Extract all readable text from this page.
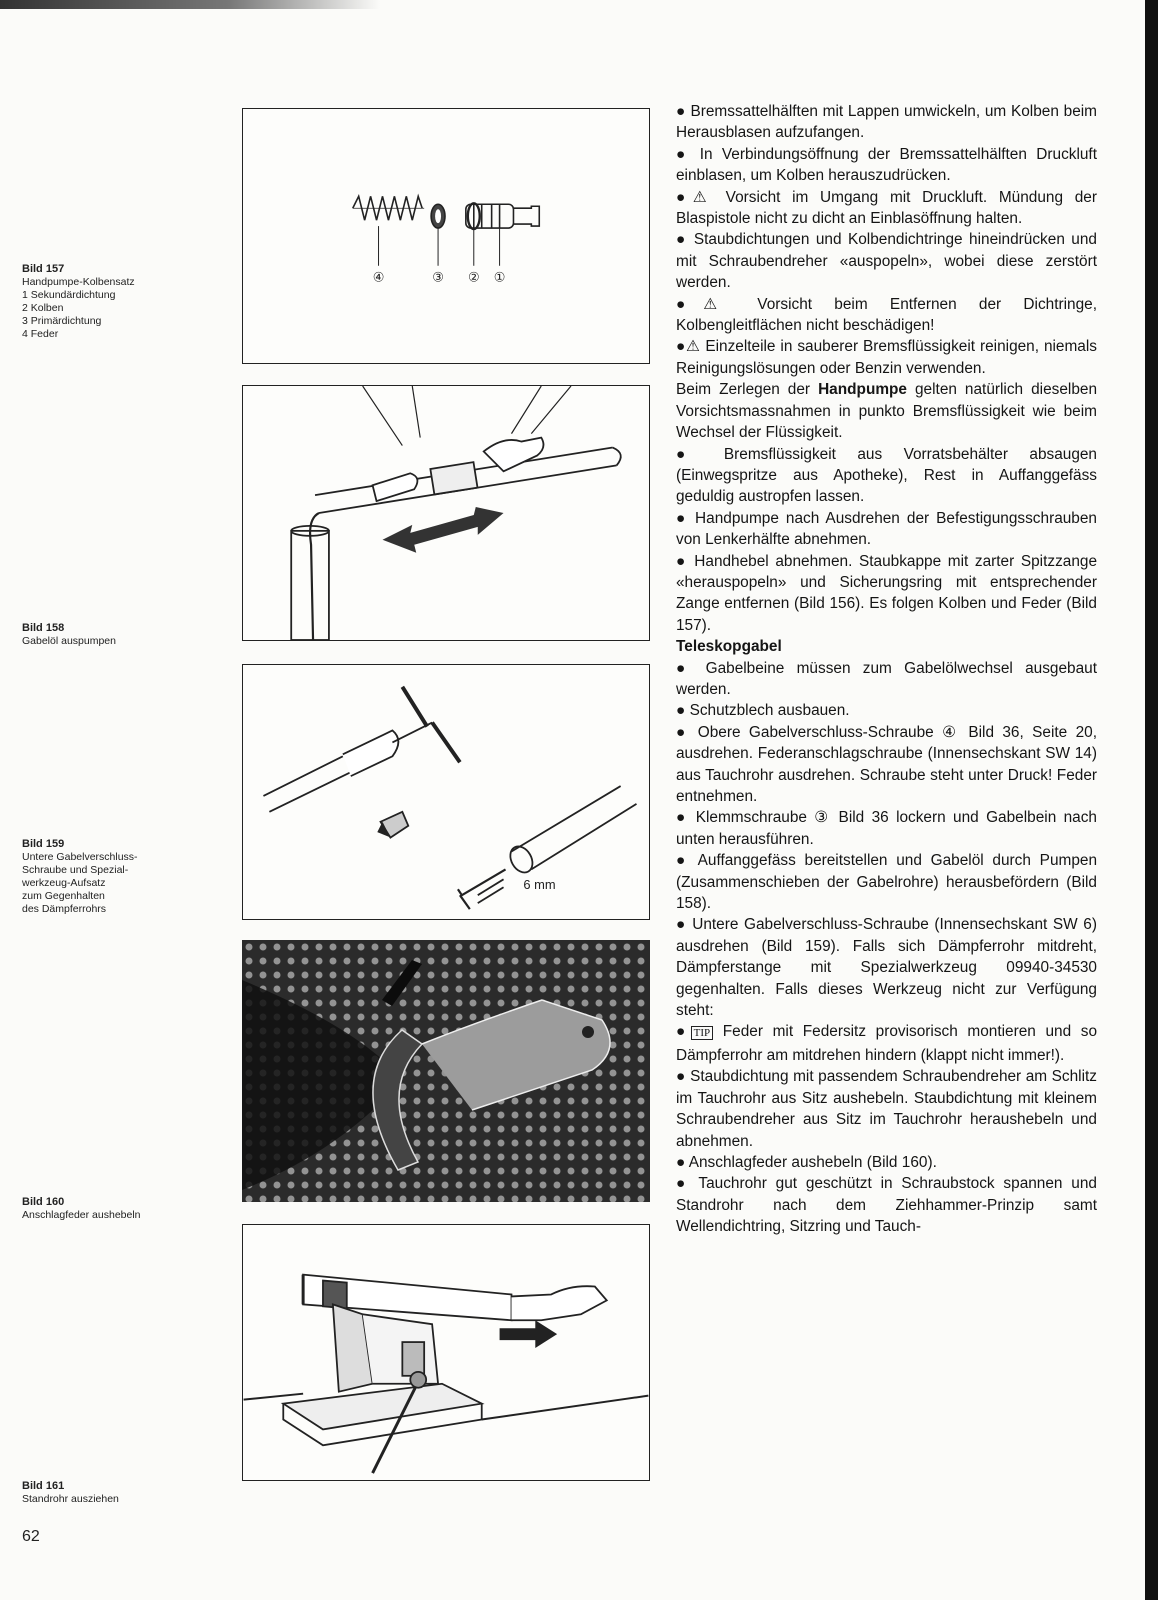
Bild 157
Handpumpe-Kolbensatz
1 Sekundärdichtung
2 Kolben
3 Primärdichtung
4 Feder
Bild 158
Gabelöl auspumpen
Bild 159
Untere Gabelverschluss-
Schraube und Spezial-
werkzeug-Aufsatz
zum Gegenhalten
des Dämpferrohrs
Bild 160
Anschlagfeder aushebeln
Bild 161
Standrohr ausziehen
④	③ ② ①
6 mm

● Bremssattelhälften mit Lappen umwickeln, um Kolben beim Herausblasen aufzufangen.

● In Verbindungsöffnung der Bremssattelhälften Druckluft einblasen, um Kolben herauszudrücken.

●⚠ Vorsicht im Umgang mit Druckluft. Mündung der Blaspistole nicht zu dicht an Einblasöffnung halten.

● Staubdichtungen und Kolbendichtringe hineindrücken und mit Schraubendreher «auspopeln», wobei diese zerstört werden.

●⚠ Vorsicht beim Entfernen der Dichtringe, Kolbengleitflächen nicht beschädigen!

●⚠ Einzelteile in sauberer Bremsflüssigkeit reinigen, niemals Reinigungslösungen oder Benzin verwenden.

Beim Zerlegen der Handpumpe gelten natürlich dieselben Vorsichtsmassnahmen in punkto Bremsflüssigkeit wie beim Wechsel der Flüssigkeit.

● Bremsflüssigkeit aus Vorratsbehälter absaugen (Einwegspritze aus Apotheke), Rest in Auffanggefäss geduldig austropfen lassen.

● Handpumpe nach Ausdrehen der Befestigungsschrauben von Lenkerhälfte abnehmen.

● Handhebel abnehmen. Staubkappe mit zarter Spitzzange «herauspopeln» und Sicherungsring mit entsprechender Zange entfernen (Bild 156). Es folgen Kolben und Feder (Bild 157).

Teleskopgabel

● Gabelbeine müssen zum Gabelölwechsel ausgebaut werden.

● Schutzblech ausbauen.

● Obere Gabelverschluss-Schraube ④ Bild 36, Seite 20, ausdrehen. Federanschlagschraube (Innensechskant SW 14) aus Tauchrohr ausdrehen. Schraube steht unter Druck! Feder entnehmen.

● Klemmschraube ③ Bild 36 lockern und Gabelbein nach unten herausführen.

● Auffanggefäss bereitstellen und Gabelöl durch Pumpen (Zusammenschieben der Gabelrohre) herausbefördern (Bild 158).

● Untere Gabelverschluss-Schraube (Innensechskant SW 6) ausdrehen (Bild 159). Falls sich Dämpferrohr mitdreht, Dämpferstange mit Spezialwerkzeug 09940-34530 gegenhalten. Falls dieses Werkzeug nicht zur Verfügung steht:

● TIP Feder mit Federsitz provisorisch montieren und so Dämpferrohr am mitdrehen hindern (klappt nicht immer!).

● Staubdichtung mit passendem Schraubendreher am Schlitz im Tauchrohr aus Sitz aushebeln. Staubdichtung mit kleinem Schraubendreher aus Sitz im Tauchrohr heraushebeln und abnehmen.

● Anschlagfeder aushebeln (Bild 160).

● Tauchrohr gut geschützt in Schraubstock spannen und Standrohr nach dem Ziehhammer-Prinzip samt Wellendichtring, Sitzring und Tauch-

62
